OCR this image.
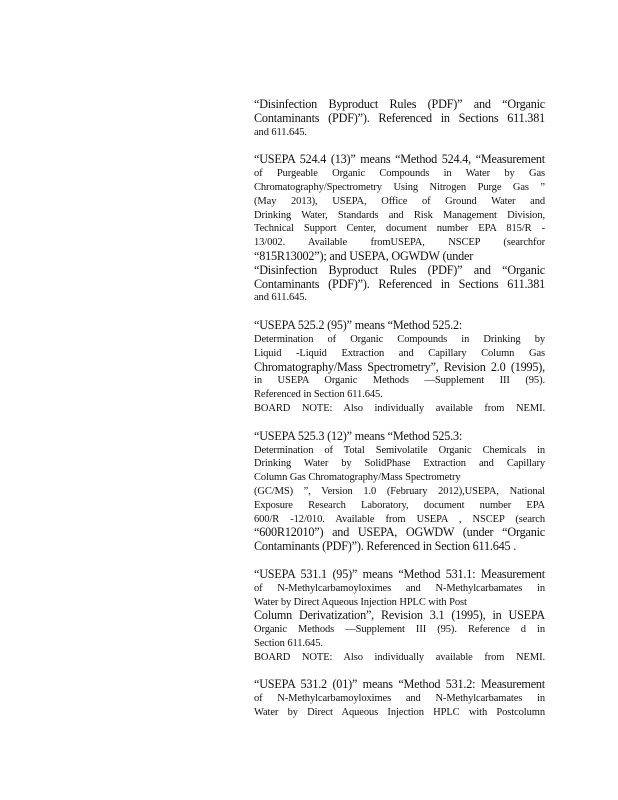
“Disinfection Byproduct Rules (PDF)” and “Organic
Contaminants (PDF)”). Referenced in Sections 611.381
and 611.645.
“USEPA 524.4 (13)” means “Method 524.4, “Measurement
of Purgeable Organic Compounds in Water by Gas
Chromatography/Spectrometry Using Nitrogen Purge Gas ”
(May 2013), USEPA, Office of Ground Water and
Drinking Water, Standards and Risk Management Division,
Technical Support Center, document number EPA 815/R -
13/002. Available fromUSEPA, NSCEP (searchfor
“815R13002”); and USEPA, OGWDW (under
“Disinfection Byproduct Rules (PDF)” and “Organic
Contaminants (PDF)”). Referenced in Sections 611.381
and 611.645.
“USEPA 525.2 (95)” means “Method 525.2:
Determination of Organic Compounds in Drinking by
Liquid -Liquid Extraction and Capillary Column Gas
Chromatography/Mass Spectrometry”, Revision 2.0 (1995),
in USEPA Organic Methods —Supplement III (95).
Referenced in Section 611.645.
BOARD NOTE: Also individually available from NEMI.
“USEPA 525.3 (12)” means “Method 525.3:
Determination of Total Semivolatile Organic Chemicals in
Drinking Water by SolidPhase Extraction and Capillary
Column Gas Chromatography/Mass Spectrometry
(GC/MS) ”, Version 1.0 (February 2012),USEPA, National
Exposure Research Laboratory, document number EPA
600/R -12/010. Available from USEPA , NSCEP (search
“600R12010”) and USEPA, OGWDW (under “Organic
Contaminants (PDF)”). Referenced in Section 611.645 .
“USEPA 531.1 (95)” means “Method 531.1: Measurement
of N-Methylcarbamoyloximes and N-Methylcarbamates in
Water by Direct Aqueous Injection HPLC with Post
Column Derivatization”, Revision 3.1 (1995), in USEPA
Organic Methods —Supplement III (95). Reference d in
Section 611.645.
BOARD NOTE: Also individually available from NEMI.
“USEPA 531.2 (01)” means “Method 531.2: Measurement
of N-Methylcarbamoyloximes and N-Methylcarbamates in
Water by Direct Aqueous Injection HPLC with Postcolumn
